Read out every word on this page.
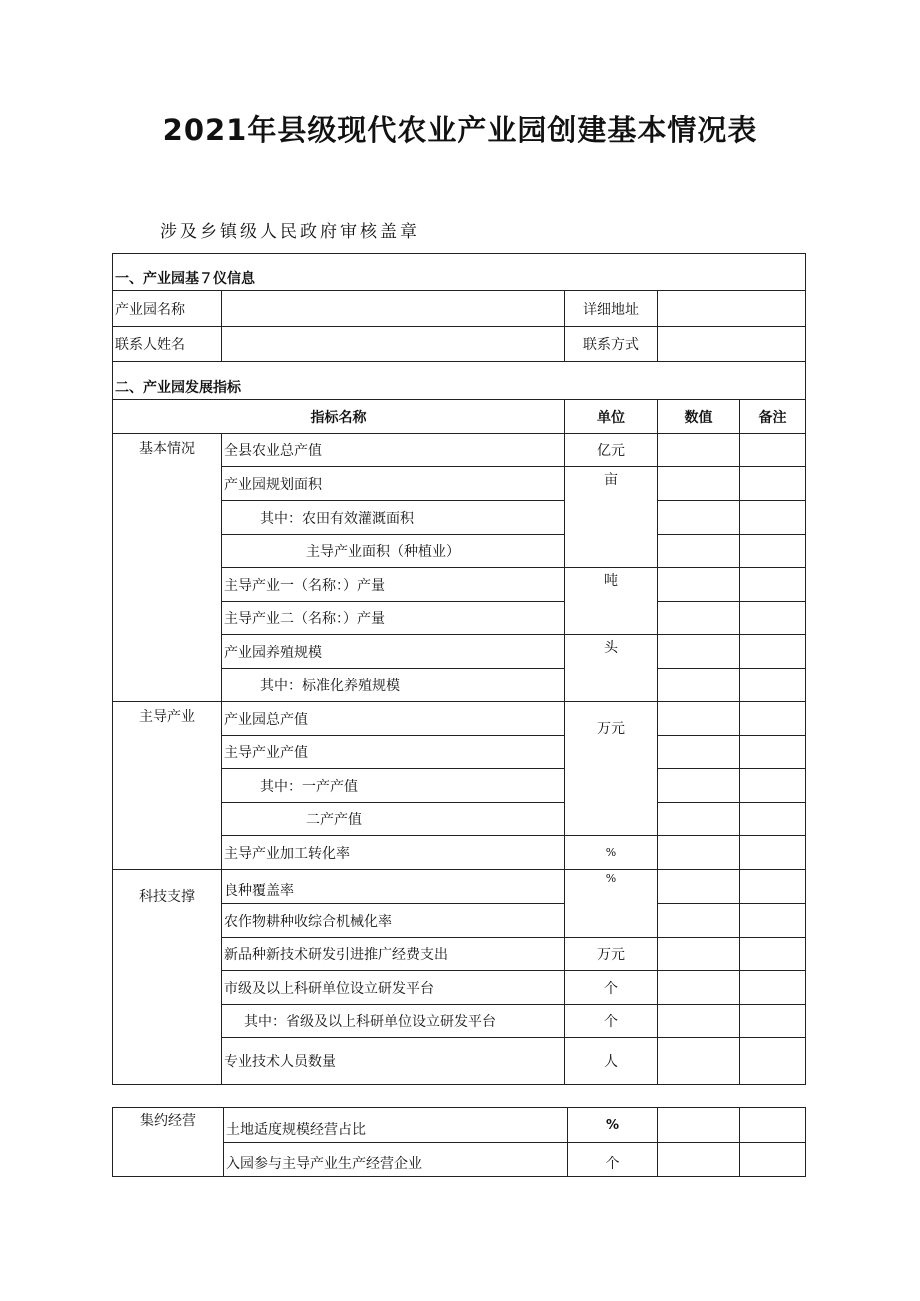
2021年县级现代农业产业园创建基本情况表
涉及乡镇级人民政府审核盖章
一、产业园基７仪信息				
产业园名称		详细地址		
联系人姓名		联系方式		
二、产业园发展指标				
指标名称		单位	数值	备注
基本情况	全县农业总产值	亿元		
	产业园规划面积	亩		
	其中：农田有效灌溉面积			
	主导产业面积（种植业）			
	主导产业一（名称：）产量	吨		
	主导产业二（名称：）产量			
	产业园养殖规模	头		
	其中：标准化养殖规模			
主导产业	产业园总产值	万元		
	主导产业产值			
	其中：一产产值			
	二产产值			
	主导产业加工转化率	%		
科技支撑	良种覆盖率	%		
	农作物耕种收综合机械化率			
	新品种新技术研发引进推广经费支出	万元		
	市级及以上科研单位设立研发平台	个		
	其中：省级及以上科研单位设立研发平台	个		
	专业技术人员数量	人		
集约经营	土地适度规模经营占比	%		
	入园参与主导产业生产经营企业	个		
